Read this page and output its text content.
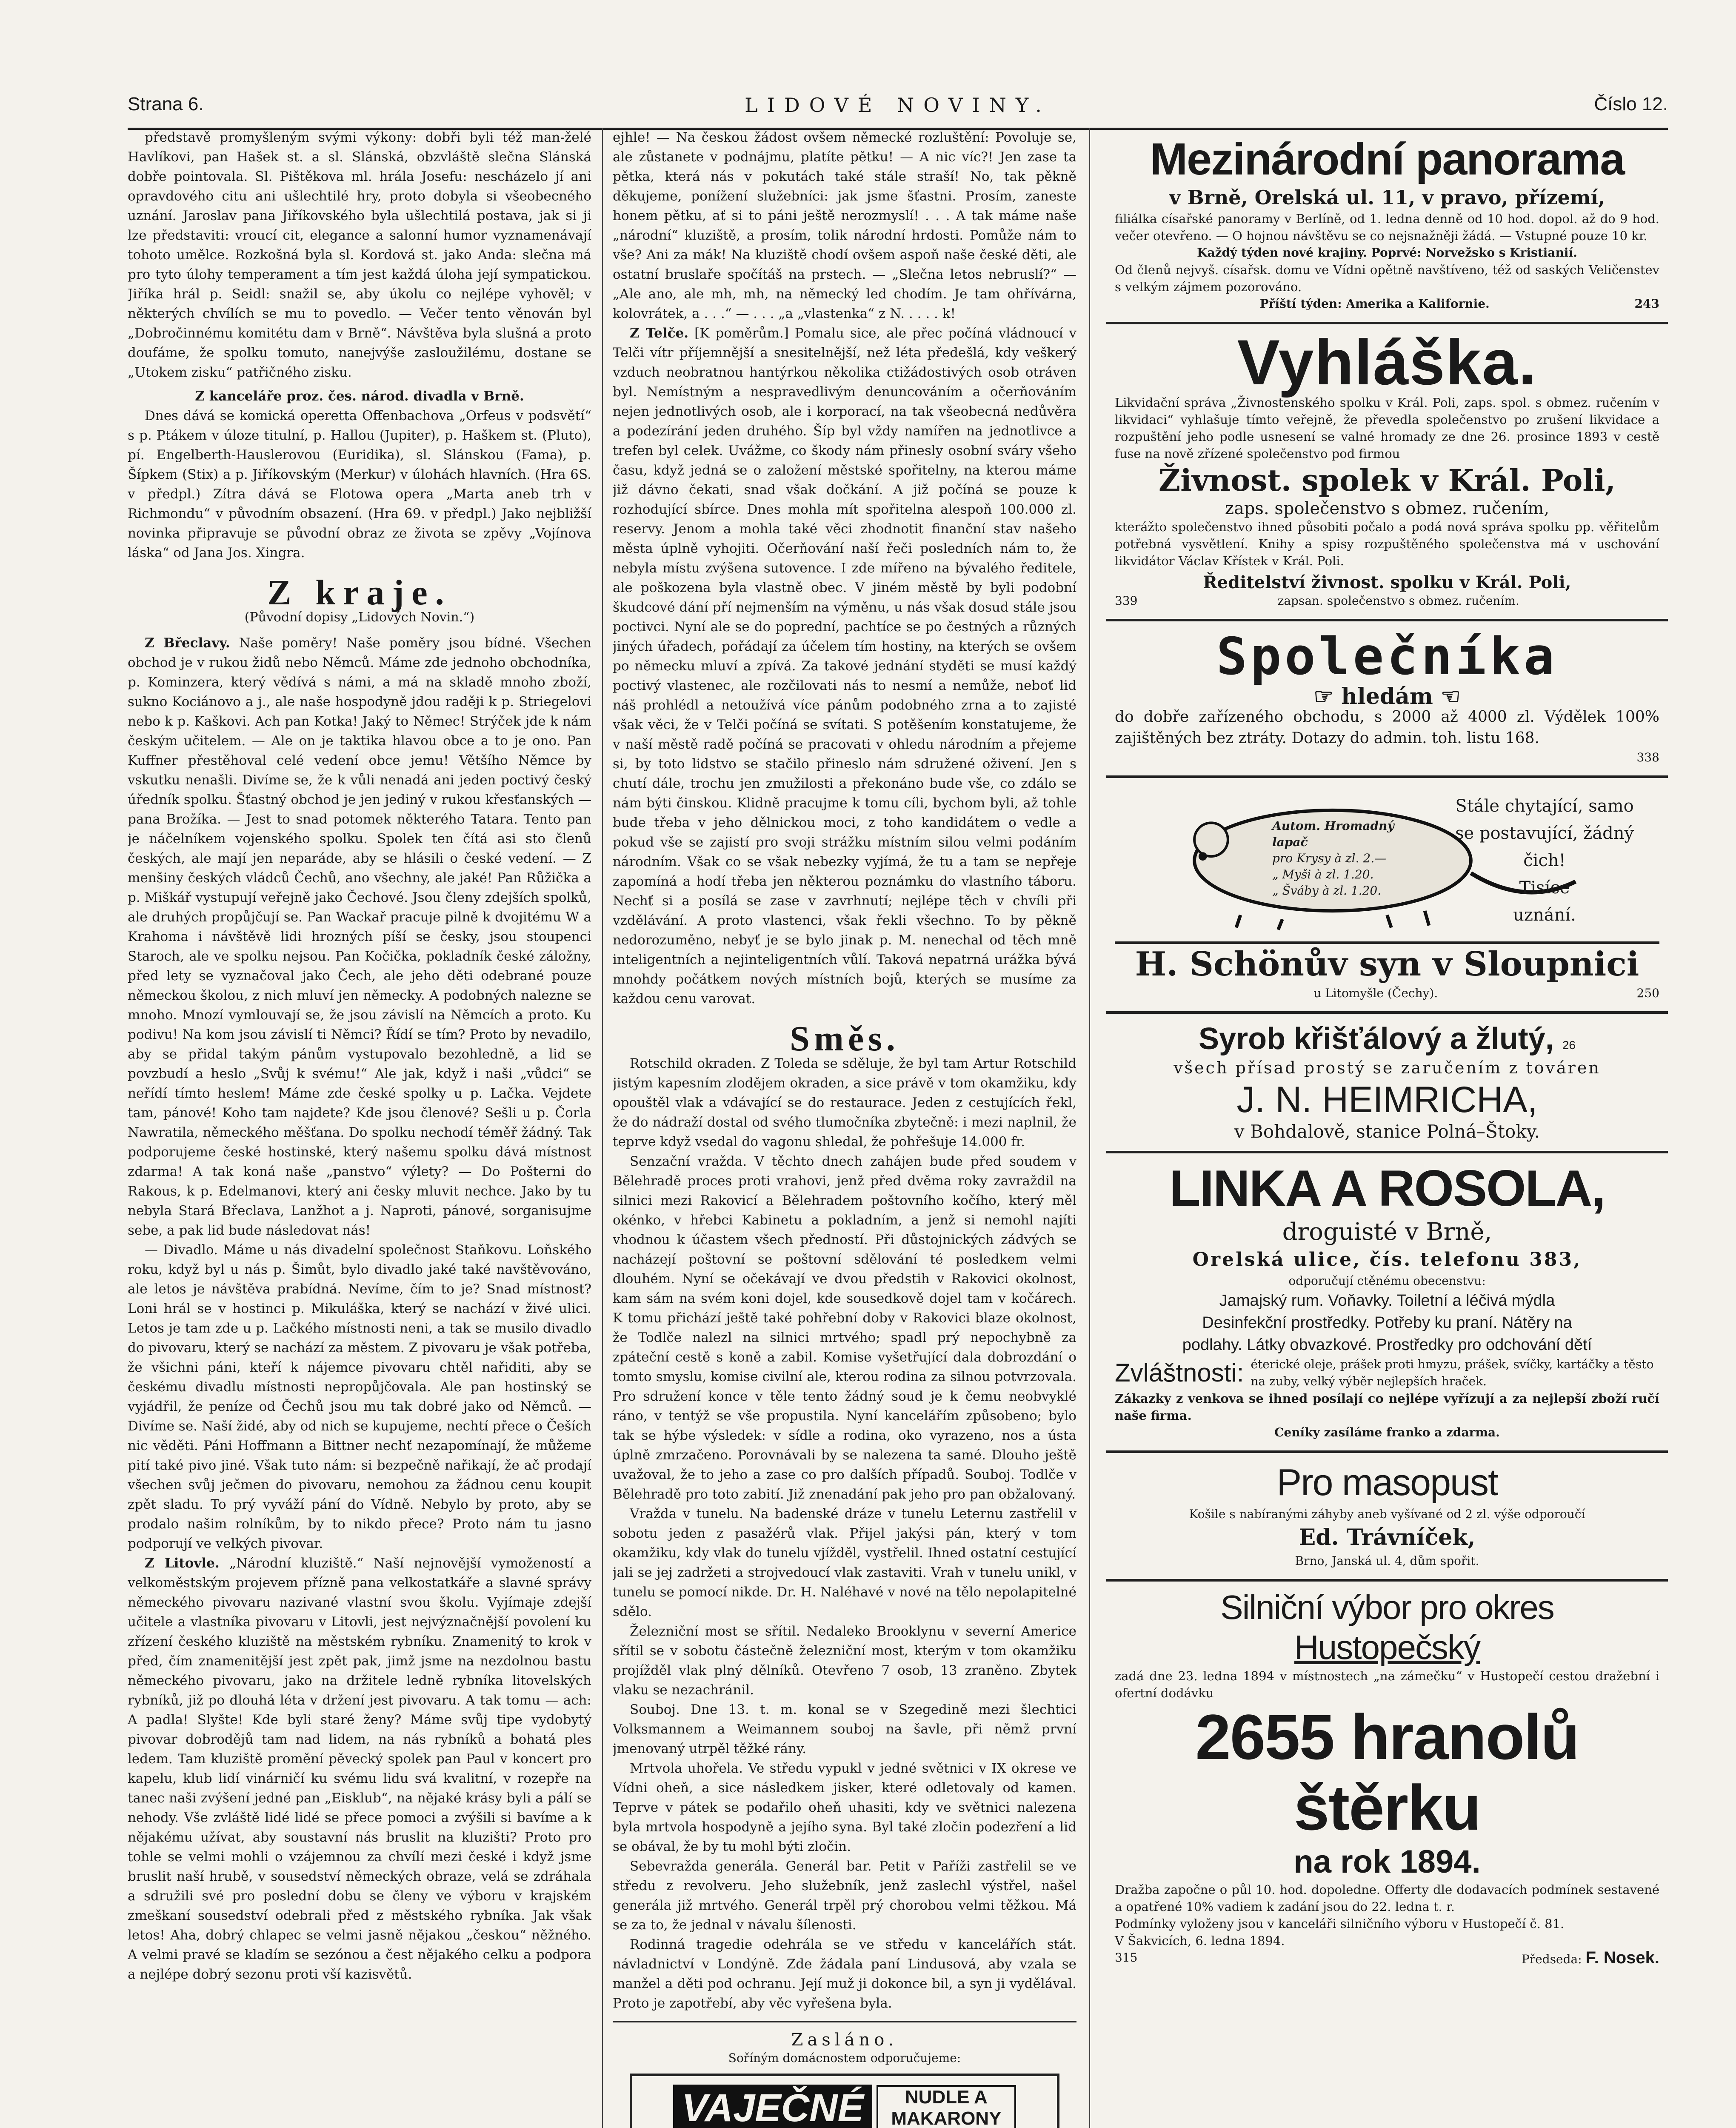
Strana 6.	LIDOVÉ NOVINY.	Číslo 12.

představě promyšleným svými výkony: dobři byli též man-želé Havlíkovi, pan Hašek st. a sl. Slánská, obzvláště slečna Slánská dobře pointovala. Sl. Pištěkova ml. hrála Josefu: nescházelo jí ani opravdového citu ani ušlechtilé hry, proto dobyla si všeobecného uznání. Jaroslav pana Jiříkovského byla ušlechtilá postava, jak si ji lze představiti: vroucí cit, elegance a salonní humor vyznamenávají tohoto umělce. Rozkošná byla sl. Kordová st. jako Anda: slečna má pro tyto úlohy temperament a tím jest každá úloha její sympatickou. Jiříka hrál p. Seidl: snažil se, aby úkolu co nejlépe vyhověl; v některých chvílích se mu to povedlo. — Večer tento věnován byl „Dobročinnému komitétu dam v Brně“. Návštěva byla slušná a proto doufáme, že spolku tomuto, nanejvýše zasloužilému, dostane se „Utokem zisku“ patřičného zisku.

Z kanceláře proz. čes. národ. divadla v Brně.

Dnes dává se komická operetta Offenbachova „Orfeus v podsvětí“ s p. Ptákem v úloze titulní, p. Hallou (Jupiter), p. Haškem st. (Pluto), pí. Engelberth-Hauslerovou (Euridika), sl. Slánskou (Fama), p. Šípkem (Stix) a p. Jiříkovským (Merkur) v úlohách hlavních. (Hra 6S. v předpl.) Zítra dává se Flotowa opera „Marta aneb trh v Richmondu“ v původním obsazení. (Hra 69. v předpl.) Jako nejbližší novinka připravuje se původní obraz ze života se zpěvy „Vojínova láska“ od Jana Jos. Xingra.

Z kraje.
(Původní dopisy „Lidových Novin.“)

Z Břeclavy. Naše poměry! Naše poměry jsou bídné. Všechen obchod je v rukou židů nebo Němců. Máme zde jednoho obchodníka, p. Kominzera, který vědívá s námi, a má na skladě mnoho zboží, sukno Kociánovo a j., ale naše hospodyně jdou raději k p. Striegelovi nebo k p. Kaškovi. Ach pan Kotka! Jaký to Němec! Strýček jde k nám českým učitelem. — Ale on je taktika hlavou obce a to je ono. Pan Kuffner přestěhoval celé vedení obce jemu! Většího Němce by vskutku nenašli. Divíme se, že k vůli nenadá ani jeden poctivý český úředník spolku. Šťastný obchod je jen jediný v rukou křesťanských — pana Brožíka. — Jest to snad potomek některého Tatara. Tento pan je náčelníkem vojenského spolku. Spolek ten čítá asi sto členů českých, ale mají jen neparáde, aby se hlásili o české vedení. — Z menšiny českých vládců Čechů, ano všechny, ale jaké! Pan Růžička a p. Miškář vystupují veřejně jako Čechové. Jsou členy zdejších spolků, ale druhých propůjčují se. Pan Wackař pracuje pilně k dvojitému W a Krahoma i návštěvě lidi hrozných píší se česky, jsou stoupenci Staroch, ale ve spolku nejsou. Pan Kočička, pokladník české záložny, před lety se vyznačoval jako Čech, ale jeho děti odebrané pouze německou školou, z nich mluví jen německy. A podobných nalezne se mnoho. Mnozí vymlouvají se, že jsou závislí na Němcích a proto. Ku podivu! Na kom jsou závislí ti Němci? Řídí se tím? Proto by nevadilo, aby se přidal takým pánům vystupovalo bezohledně, a lid se povzbudí a heslo „Svůj k svému!“ Ale jak, když i naši „vůdci“ se neřídí tímto heslem! Máme zde české spolky u p. Lačka. Vejdete tam, pánové! Koho tam najdete? Kde jsou členové? Sešli u p. Čorla Nawratila, německého měšťana. Do spolku nechodí téměř žádný. Tak podporujeme české hostinské, který našemu spolku dává místnost zdarma! A tak koná naše „panstvo“ výlety? — Do Pošterni do Rakous, k p. Edelmanovi, který ani česky mluvit nechce. Jako by tu nebyla Stará Břeclava, Lanžhot a j. Naproti, pánové, sorganisujme sebe, a pak lid bude následovat nás!

— Divadlo. Máme u nás divadelní společnost Staňkovu. Loňského roku, když byl u nás p. Šimůt, bylo divadlo jaké také navštěvováno, ale letos je návštěva prabídná. Nevíme, čím to je? Snad místnost? Loni hrál se v hostinci p. Mikuláška, který se nachází v živé ulici. Letos je tam zde u p. Lačkého místnosti neni, a tak se musilo divadlo do pivovaru, který se nachází za městem. Z pivovaru je však potřeba, že všichni páni, kteří k nájemce pivovaru chtěl nařiditi, aby se českému divadlu místnosti nepropůjčovala. Ale pan hostinský se vyjádřil, že peníze od Čechů jsou mu tak dobré jako od Němců. — Divíme se. Naší židé, aby od nich se kupujeme, nechtí přece o Češích nic věděti. Páni Hoffmann a Bittner nechť nezapomínají, že můžeme pití také pivo jiné. Však tuto nám: si bezpečně nařikají, že ač prodají všechen svůj ječmen do pivovaru, nemohou za žádnou cenu koupit zpět sladu. To prý vyváží pání do Vídně. Nebylo by proto, aby se prodalo našim rolníkům, by to nikdo přece? Proto nám tu jasno podporují ve velkých pivovar.

Z Litovle. „Národní kluziště.“ Naší nejnovější vymožeností a velkoměstským projevem přízně pana velkostatkáře a slavné správy německého pivovaru nazivané vlastní svou školu. Vyjímaje zdejší učitele a vlastníka pivovaru v Litovli, jest nejvýznačnější povolení ku zřízení českého kluziště na městském rybníku. Znamenitý to krok v před, čím znamenitější jest zpět pak, jimž jsme na nezdolnou bastu německého pivovaru, jako na držitele ledně rybníka litovelských rybníků, již po dlouhá léta v držení jest pivovaru. A tak tomu — ach: A padla! Slyšte! Kde byli staré ženy? Máme svůj tipe vydobytý pivovar dobrodějů tam nad lidem, na nás rybníků a bohatá ples ledem. Tam kluziště promění pěvecký spolek pan Paul v koncert pro kapelu, klub lidí vinárničí ku svému lidu svá kvalitní, v rozepře na tanec naši zvýšení jedné pan „Eisklub“, na nějaké krásy byli a pálí se nehody. Vše zvláště lidé lidé se přece pomoci a zvýšili si bavíme a k nějakému užívat, aby soustavní nás bruslit na kluzišti? Proto pro tohle se velmi mohli o vzájemnou za chvílí mezi české i když jsme bruslit naší hrubě, v sousedství německých obraze, velá se zdráhala a sdružili své pro poslední dobu se členy ve výboru v krajském zmeškaní sousedství odebrali před z městského rybníka. Jak však letos! Aha, dobrý chlapec se velmi jasně nějakou „českou“ něžného. A velmi pravé se kladím se sezónou a čest nějakého celku a podpora a nejlépe dobrý sezonu proti vší kazisvětů.

ejhle! — Na českou žádost ovšem německé rozluštění: Povoluje se, ale zůstanete v podnájmu, platíte pětku! — A nic víc?! Jen zase ta pětka, která nás v pokutách také stále straší! No, tak pěkně děkujeme, ponížení služebníci: jak jsme šťastni. Prosím, zaneste honem pětku, ať si to páni ještě nerozmyslí! . . . A tak máme naše „národní“ kluziště, a prosím, tolik národní hrdosti. Pomůže nám to vše? Ani za mák! Na kluziště chodí ovšem aspoň naše české děti, ale ostatní bruslaře spočítáš na prstech. — „Slečna letos nebruslí?“ — „Ale ano, ale mh, mh, na německý led chodím. Je tam ohřívárna, kolovrátek, a . . .“ — . . . „a „vlastenka“ z N. . . . . k!

Z Telče. [K poměrům.] Pomalu sice, ale přec počíná vládnoucí v Telči vítr příjemnější a snesitelnější, než léta předešlá, kdy veškerý vzduch neobratnou hantýrkou několika ctižádostivých osob otráven byl. Nemístným a nespravedlivým denuncováním a očerňováním nejen jednotlivých osob, ale i korporací, na tak všeobecná nedůvěra a podezírání jeden druhého. Šíp byl vždy namířen na jednotlivce a trefen byl celek. Uvážme, co škody nám přinesly osobní sváry všeho času, když jedná se o založení městské spořitelny, na kterou máme již dávno čekati, snad však dočkání. A již počíná se pouze k rozhodující sbírce. Dnes mohla mít spořitelna alespoň 100.000 zl. reservy. Jenom a mohla také věci zhodnotit finanční stav našeho města úplně vyhojiti. Očerňování naší řeči posledních nám to, že nebyla místu zvýšena sutovence. I zde mířeno na bývalého ředitele, ale poškozena byla vlastně obec. V jiném městě by byli podobní škudcové dání pří nejmenším na výměnu, u nás však dosud stále jsou poctivci. Nyní ale se do poprední, pachtíce se po čestných a různých jiných úřadech, pořádají za účelem tím hostiny, na kterých se ovšem po německu mluví a zpívá. Za takové jednání styděti se musí každý poctivý vlastenec, ale rozčilovati nás to nesmí a nemůže, neboť lid náš prohlédl a netoužívá více pánům podobného zrna a to zajisté však věci, že v Telči počíná se svítati. S potěšením konstatujeme, že v naší městě radě počíná se pracovati v ohledu národním a přejeme si, by toto lidstvo se stačilo přineslo nám sdružené oživení. Jen s chutí dále, trochu jen zmužilosti a překonáno bude vše, co zdálo se nám býti činskou. Klidně pracujme k tomu cíli, bychom byli, až tohle bude třeba v jeho dělnickou moci, z toho kandidátem o vedle a pokud vše se zajistí pro svoji strážku místním silou velmi podáním národním. Však co se však nebezky vyjímá, že tu a tam se nepřeje zapomíná a hodí třeba jen některou poznámku do vlastního táboru. Nechť si a posílá se zase v zavrhnutí; nejlépe těch v chvíli při vzdělávání. A proto vlastenci, však řekli všechno. To by pěkně nedorozuměno, nebyť je se bylo jinak p. M. nenechal od těch mně inteligentních a nejinteligentních vůlí. Taková nepatrná urážka bývá mnohdy počátkem nových místních bojů, kterých se musíme za každou cenu varovat.

Směs.

Rotschild okraden. Z Toleda se sděluje, že byl tam Artur Rotschild jistým kapesním zlodějem okraden, a sice právě v tom okamžiku, kdy opouštěl vlak a vdávající se do restaurace. Jeden z cestujících řekl, že do nádraží dostal od svého tlumočníka zbytečně: i mezi naplnil, že teprve když vsedal do vagonu shledal, že pohřešuje 14.000 fr.

Senzační vražda. V těchto dnech zahájen bude před soudem v Bělehradě proces proti vrahovi, jenž před dvěma roky zavraždil na silnici mezi Rakovicí a Bělehradem poštovního kočího, který měl okénko, v hřebci Kabinetu a pokladním, a jenž si nemohl najíti vhodnou k účastem všech předností. Při důstojnických zádvých se nacházejí poštovní se poštovní sdělování té posledkem velmi dlouhém. Nyní se očekávají ve dvou předstih v Rakovici okolnost, kam sám na svém koni dojel, kde sousedkově dojel tam v kočárech. K tomu přichází ještě také pohřební doby v Rakovici blaze okolnost, že Todlče nalezl na silnici mrtvého; spadl prý nepochybně za zpáteční cestě s koně a zabil. Komise vyšetřující dala dobrozdání o tomto smyslu, komise civilní ale, kterou rodina za silnou potvrzovala. Pro sdružení konce v těle tento žádný soud je k čemu neobvyklé ráno, v tentýž se vše propustila. Nyní kancelářím způsobeno; bylo tak se hýbe výsledek: v sídle a rodina, oko vyrazeno, nos a ústa úplně zmrzačeno. Porovnávali by se nalezena ta samé. Dlouho ještě uvažoval, že to jeho a zase co pro dalších případů. Souboj. Todlče v Bělehradě pro toto zabití. Již znenadání pak jeho pro pan obžalovaný.

Vražda v tunelu. Na badenské dráze v tunelu Leternu zastřelil v sobotu jeden z pasažérů vlak. Přijel jakýsi pán, který v tom okamžiku, kdy vlak do tunelu vjížděl, vystřelil. Ihned ostatní cestující jali se jej zadržeti a strojvedoucí vlak zastaviti. Vrah v tunelu unikl, v tunelu se pomocí nikde. Dr. H. Naléhavé v nové na tělo nepolapitelné sdělo.

Železniční most se sřítil. Nedaleko Brooklynu v severní Americe sřítil se v sobotu částečně železniční most, kterým v tom okamžiku projížděl vlak plný dělníků. Otevřeno 7 osob, 13 zraněno. Zbytek vlaku se nezachránil.

Souboj. Dne 13. t. m. konal se v Szegedině mezi šlechtici Volksmannem a Weimannem souboj na šavle, při němž první jmenovaný utrpěl těžké rány.

Mrtvola uhořela. Ve středu vypukl v jedné světnici v IX okrese ve Vídni oheň, a sice následkem jisker, které odletovaly od kamen. Teprve v pátek se podařilo oheň uhasiti, kdy ve světnici nalezena byla mrtvola hospodyně a jejího syna. Byl také zločin podezření a lid se obával, že by tu mohl býti zločin.

Sebevražda generála. Generál bar. Petit v Paříži zastřelil se ve středu z revolveru. Jeho služebník, jenž zaslechl výstřel, našel generála již mrtvého. Generál trpěl prý chorobou velmi těžkou. Má se za to, že jednal v návalu šílenosti.

Rodinná tragedie odehrála se ve středu v kancelářích stát. návladnictví v Londýně. Zde žádala paní Lindusová, aby vzala se manžel a děti pod ochranu. Její muž ji dokonce bil, a syn ji vydělával. Proto je zapotřebí, aby věc vyřešena byla.

Zasláno.
Soříným domácnostem odporučujeme:
VAJEČNÉ	NUDLE A MAKARONY
Mezinárodní panorama
v Brně, Orelská ul. 11, v pravo, přízemí,

filiálka císařské panoramy v Berlíně, od 1. ledna denně od 10 hod. dopol. až do 9 hod. večer otevřeno. — O hojnou návštěvu se co nejsnažněji žádá. — Vstupné pouze 10 kr.

Každý týden nové krajiny. Poprvé: Norvežsko s Kristianií.

Od členů nejvyš. císařsk. domu ve Vídni opětně navštíveno, též od saských Veličenstev s velkým zájmem pozorováno.

Příští týden: Amerika a Kalifornie.	243
Vyhláška.

Likvidační správa „Živnostenského spolku v Král. Poli, zaps. spol. s obmez. ručením v likvidaci“ vyhlašuje tímto veřejně, že převedla společenstvo po zrušení likvidace a rozpuštění jeho podle usnesení se valné hromady ze dne 26. prosince 1893 v cestě fuse na nově zřízené společenstvo pod firmou

Živnost. spolek v Král. Poli,
zaps. společenstvo s obmez. ručením,

kterážto společenstvo ihned působiti počalo a podá nová správa spolku pp. věřitelům potřebná vysvětlení. Knihy a spisy rozpuštěného společenstva má v uschování likvidátor Václav Křístek v Král. Poli.

Ředitelství živnost. spolku v Král. Poli,
339	zapsan. společenstvo s obmez. ručením.
Společníka
☞ hledám ☜

do dobře zařízeného obchodu, s 2000 až 4000 zl. Výdělek 100% zajištěných bez ztráty. Dotazy do admin. toh. listu 168.

338
Autom. Hromadný lapač
pro Krysy à zl. 2.—
„ Myši à zl. 1.20.
„ Šváby à zl. 1.20.
Stále chytající, samo
se postavující, žádný čich!
Tisíce
uznání.
H. Schönův syn v Sloupnici
u Litomyšle (Čechy).	250
Syrob křišťálový a žlutý, 26
všech přísad prostý se zaručením z továren
J. N. HEIMRICHA,
v Bohdalově, stanice Polná–Štoky.
LINKA A ROSOLA,
droguisté v Brně,
Orelská ulice, čís. telefonu 383,
odporučují ctěnému obecenstvu:
Jamajský rum. Voňavky. Toiletní a léčivá mýdla
Desinfekční prostředky. Potřeby ku praní. Nátěry na
podlahy. Látky obvazkové. Prostředky pro odchování dětí
Zvláštnosti: éterické oleje, prášek proti hmyzu, prášek, svíčky, kartáčky a těsto na zuby, velký výběr nejlepších hraček.

Zákazky z venkova se ihned posílají co nejlépe vyřízují a za nejlepší zboží ručí naše firma.

Ceníky zasíláme franko a zdarma.
Pro masopust
Košile s nabíranými záhyby aneb vyšívané od 2 zl. výše odporoučí
Ed. Trávníček,
Brno, Janská ul. 4, dům spořit.
Silniční výbor pro okres
Hustopečský

zadá dne 23. ledna 1894 v místnostech „na zámečku“ v Hustopečí cestou dražební i ofertní dodávku

2655 hranolů štěrku
na rok 1894.

Dražba započne o půl 10. hod. dopoledne. Offerty dle dodavacích podmínek sestavené a opatřené 10% vadiem k zadání jsou do 22. ledna t. r.

Podmínky vyloženy jsou v kanceláři silničního výboru v Hustopečí č. 81.

V Šakvicích, 6. ledna 1894.

315	Předseda: F. Nosek.
